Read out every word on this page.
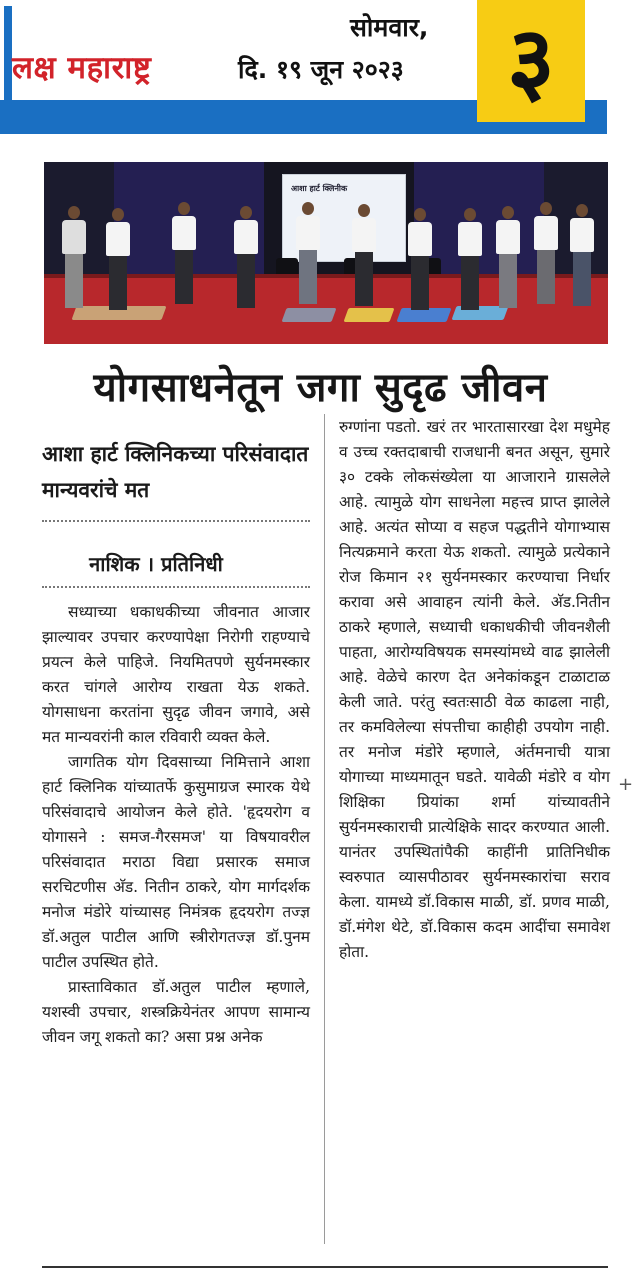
लक्ष महाराष्ट्र
सोमवार,
दि. १९ जून २०२३ ३
आशा हार्ट क्लिनीक
योगसाधनेतून जगा सुदृढ जीवन
आशा हार्ट क्लिनिकच्या परिसंवादात मान्यवरांचे मत
नाशिक । प्रतिनिधी

सध्याच्या धकाधकीच्या जीवनात आजार झाल्यावर उपचार करण्यापेक्षा निरोगी राहण्याचे प्रयत्न केले पाहिजे. नियमितपणे सुर्यनमस्कार करत चांगले आरोग्य राखता येऊ शकते. योगसाधना करतांना सुदृढ जीवन जगावे, असे मत मान्यवरांनी काल रविवारी व्यक्त केले.

जागतिक योग दिवसाच्या निमित्ताने आशा हार्ट क्लिनिक यांच्यातर्फे कुसुमाग्रज स्मारक येथे परिसंवादाचे आयोजन केले होते. 'हृदयरोग व योगासने : समज-गैरसमज' या विषयावरील परिसंवादात मराठा विद्या प्रसारक समाज सरचिटणीस अ‍ॅड. नितीन ठाकरे, योग मार्गदर्शक मनोज मंडोरे यांच्यासह निमंत्रक हृदयरोग तज्ज्ञ डॉ.अतुल पाटील आणि स्त्रीरोगतज्ज्ञ डॉ.पुनम पाटील उपस्थित होते.

प्रास्ताविकात डॉ.अतुल पाटील म्हणाले, यशस्वी उपचार, शस्त्रक्रियेनंतर आपण सामान्य जीवन जगू शकतो का? असा प्रश्न अनेक

रुग्णांना पडतो. खरं तर भारतासारखा देश मधुमेह व उच्च रक्तदाबाची राजधानी बनत असून, सुमारे ३० टक्के लोकसंख्येला या आजाराने ग्रासलेले आहे. त्यामुळे योग साधनेला महत्त्व प्राप्त झालेले आहे. अत्यंत सोप्या व सहज पद्धतीने योगाभ्यास नित्यक्रमाने करता येऊ शकतो. त्यामुळे प्रत्येकाने रोज किमान २१ सुर्यनमस्कार करण्याचा निर्धार करावा असे आवाहन त्यांनी केले. अ‍ॅड.नितीन ठाकरे म्हणाले, सध्याची धकाधकीची जीवनशैली पाहता, आरोग्यविषयक समस्यांमध्ये वाढ झालेली आहे. वेळेचे कारण देत अनेकांकडून टाळाटाळ केली जाते. परंतु स्वतःसाठी वेळ काढला नाही, तर कमविलेल्या संपत्तीचा काहीही उपयोग नाही. तर मनोज मंडोरे म्हणाले, अंर्तमनाची यात्रा योगाच्या माध्यमातून घडते. यावेळी मंडोरे व योग शिक्षिका प्रियांका शर्मा यांच्यावतीने सुर्यनमस्काराची प्रात्येक्षिके सादर करण्यात आली. यानंतर उपस्थितांपैकी काहींनी प्रातिनिधीक स्वरुपात व्यासपीठावर सुर्यनमस्कारांचा सराव केला. यामध्ये डॉ.विकास माळी, डॉ. प्रणव माळी, डॉ.मंगेश थेटे, डॉ.विकास कदम आदींचा समावेश होता.

+
